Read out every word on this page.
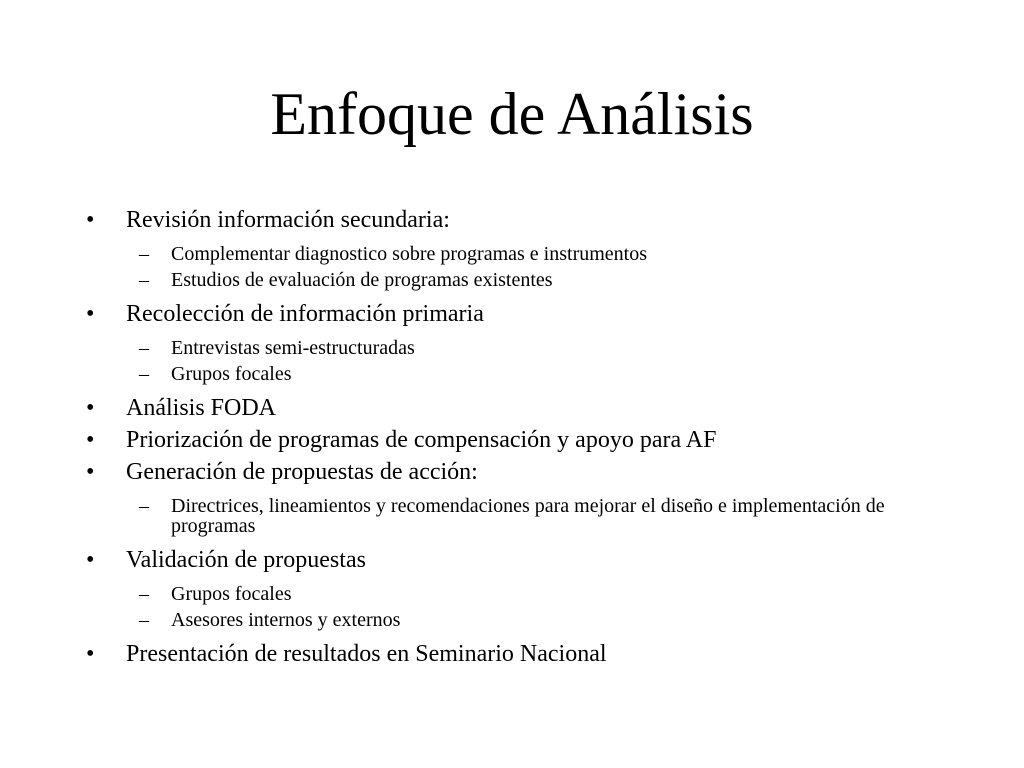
Enfoque de Análisis
•	Revisión información secundaria:
– Complementar diagnostico sobre programas e instrumentos
– Estudios de evaluación de programas existentes
•	Recolección de información primaria
– Entrevistas semi-estructuradas
– Grupos focales
•	Análisis FODA
•	Priorización de programas de compensación y apoyo para AF
•	Generación de propuestas de acción:
– Directrices, lineamientos y recomendaciones para mejorar el diseño e implementación de programas
•	Validación de propuestas
– Grupos focales
– Asesores internos y externos
•	Presentación de resultados en Seminario Nacional
